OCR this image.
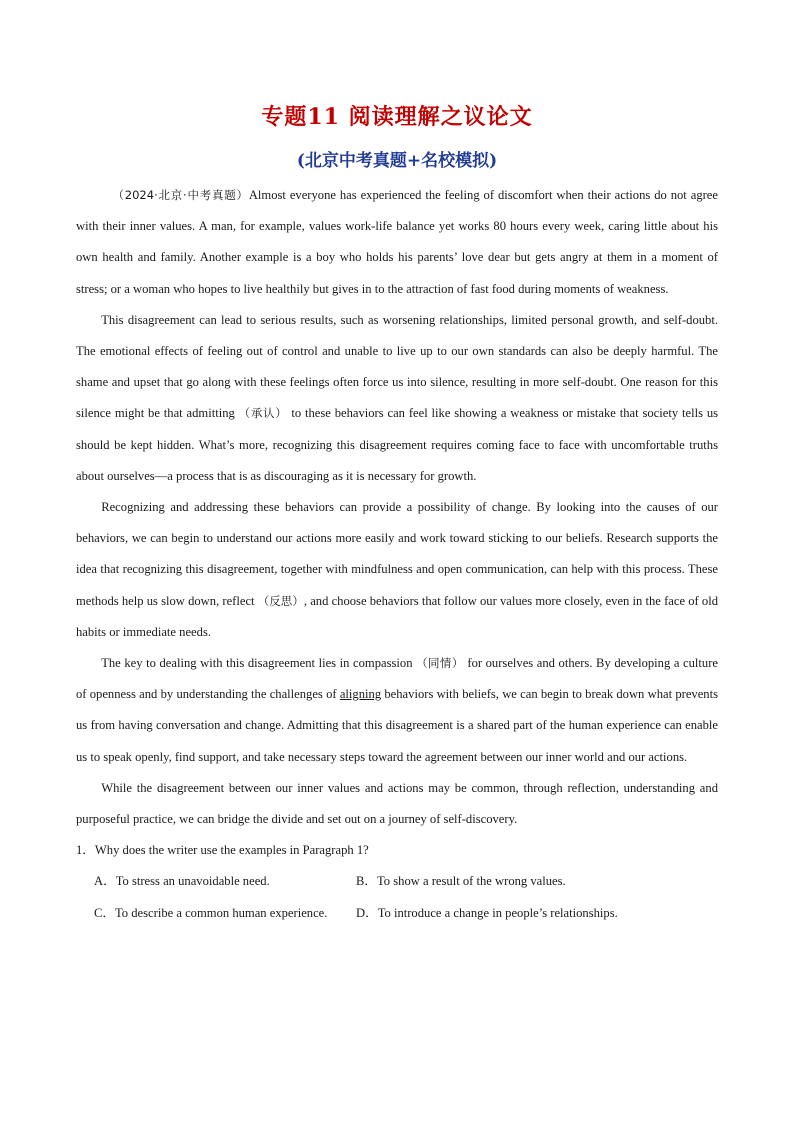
专题11 阅读理解之议论文
(北京中考真题+名校模拟)

（2024·北京·中考真题）Almost everyone has experienced the feeling of discomfort when their actions do not agree with their inner values. A man, for example, values work-life balance yet works 80 hours every week, caring little about his own health and family. Another example is a boy who holds his parents’ love dear but gets angry at them in a moment of stress; or a woman who hopes to live healthily but gives in to the attraction of fast food during moments of weakness.

This disagreement can lead to serious results, such as worsening relationships, limited personal growth, and self-doubt. The emotional effects of feeling out of control and unable to live up to our own standards can also be deeply harmful. The shame and upset that go along with these feelings often force us into silence, resulting in more self-doubt. One reason for this silence might be that admitting （承认） to these behaviors can feel like showing a weakness or mistake that society tells us should be kept hidden. What’s more, recognizing this disagreement requires coming face to face with uncomfortable truths about ourselves—a process that is as discouraging as it is necessary for growth.

Recognizing and addressing these behaviors can provide a possibility of change. By looking into the causes of our behaviors, we can begin to understand our actions more easily and work toward sticking to our beliefs. Research supports the idea that recognizing this disagreement, together with mindfulness and open communication, can help with this process. These methods help us slow down, reflect （反思）, and choose behaviors that follow our values more closely, even in the face of old habits or immediate needs.

The key to dealing with this disagreement lies in compassion （同情） for ourselves and others. By developing a culture of openness and by understanding the challenges of aligning behaviors with beliefs, we can begin to break down what prevents us from having conversation and change. Admitting that this disagreement is a shared part of the human experience can enable us to speak openly, find support, and take necessary steps toward the agreement between our inner world and our actions.

While the disagreement between our inner values and actions may be common, through reflection, understanding and purposeful practice, we can bridge the divide and set out on a journey of self-discovery.

1．Why does the writer use the examples in Paragraph 1?

A．To stress an unavoidable need.	B．To show a result of the wrong values.
C．To describe a common human experience.	D．To introduce a change in people’s relationships.
